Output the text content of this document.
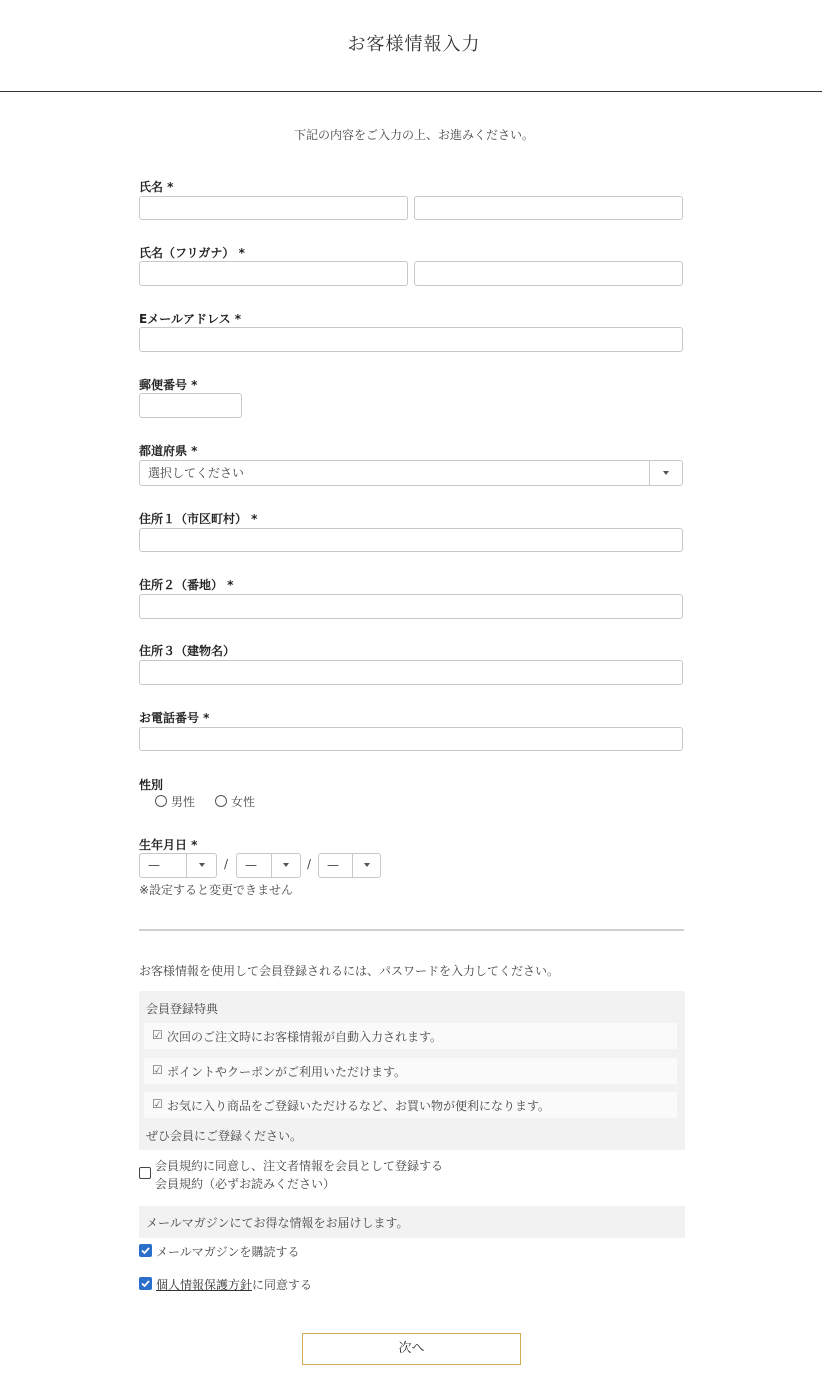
お客様情報入力
下記の内容をご入力の上、お進みください。
氏名 *
氏名（フリガナ） *
Eメールアドレス *
郵便番号 *
都道府県 *
選択してください
住所１（市区町村） *
住所２（番地） *
住所３（建物名）
お電話番号 *
性別
男性	女性
生年月日 *
—	/ —	/ —
※設定すると変更できません
お客様情報を使用して会員登録されるには、パスワードを入力してください。
会員登録特典
☑ 次回のご注文時にお客様情報が自動入力されます。
☑ ポイントやクーポンがご利用いただけます。
☑ お気に入り商品をご登録いただけるなど、お買い物が便利になります。
ぜひ会員にご登録ください。
会員規約に同意し、注文者情報を会員として登録する
会員規約（必ずお読みください）
メールマガジンにてお得な情報をお届けします。
メールマガジンを購読する
個人情報保護方針に同意する
次へ
